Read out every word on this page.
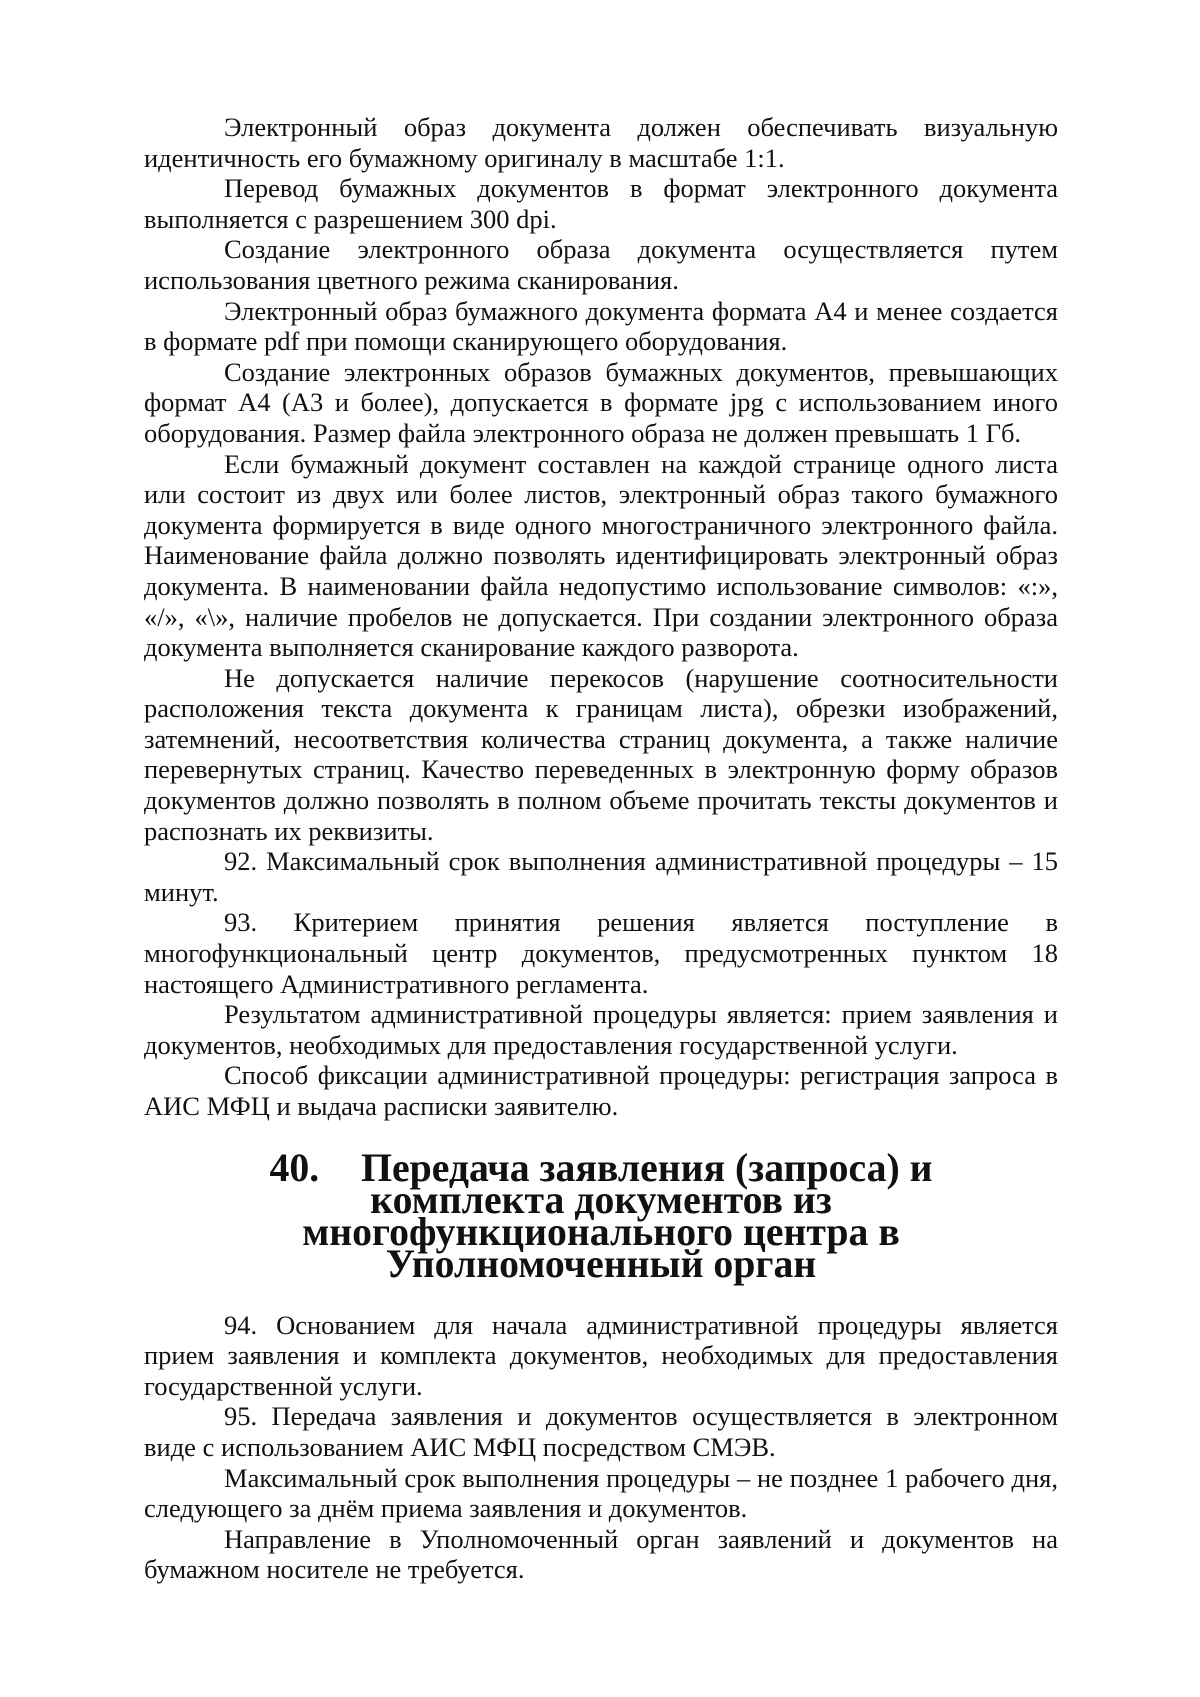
Электронный образ документа должен обеспечивать визуальную идентичность его бумажному оригиналу в масштабе 1:1.

Перевод бумажных документов в формат электронного документа выполняется с разрешением 300 dpi.

Создание электронного образа документа осуществляется путем использования цветного режима сканирования.

Электронный образ бумажного документа формата А4 и менее создается в формате pdf при помощи сканирующего оборудования.

Создание электронных образов бумажных документов, превышающих формат А4 (А3 и более), допускается в формате jpg с использованием иного оборудования. Размер файла электронного образа не должен превышать 1 Гб.

Если бумажный документ составлен на каждой странице одного листа или состоит из двух или более листов, электронный образ такого бумажного документа формируется в виде одного многостраничного электронного файла. Наименование файла должно позволять идентифицировать электронный образ документа. В наименовании файла недопустимо использование символов: «:», «/», «\», наличие пробелов не допускается. При создании электронного образа документа выполняется сканирование каждого разворота.

Не допускается наличие перекосов (нарушение соотносительности расположения текста документа к границам листа), обрезки изображений, затемнений, несоответствия количества страниц документа, а также наличие перевернутых страниц. Качество переведенных в электронную форму образов документов должно позволять в полном объеме прочитать тексты документов и распознать их реквизиты.

92. Максимальный срок выполнения административной процедуры – 15 минут.

93. Критерием принятия решения является поступление в многофункциональный центр документов, предусмотренных пунктом 18 настоящего Административного регламента.

Результатом административной процедуры является: прием заявления и документов, необходимых для предоставления государственной услуги.

Способ фиксации административной процедуры: регистрация запроса в АИС МФЦ и выдача расписки заявителю.

40. Передача заявления (запроса) и комплекта документов из многофункционального центра в Уполномоченный орган

94. Основанием для начала административной процедуры является прием заявления и комплекта документов, необходимых для предоставления государственной услуги.

95. Передача заявления и документов осуществляется в электронном виде с использованием АИС МФЦ посредством СМЭВ.

Максимальный срок выполнения процедуры – не позднее 1 рабочего дня, следующего за днём приема заявления и документов.

Направление в Уполномоченный орган заявлений и документов на бумажном носителе не требуется.
